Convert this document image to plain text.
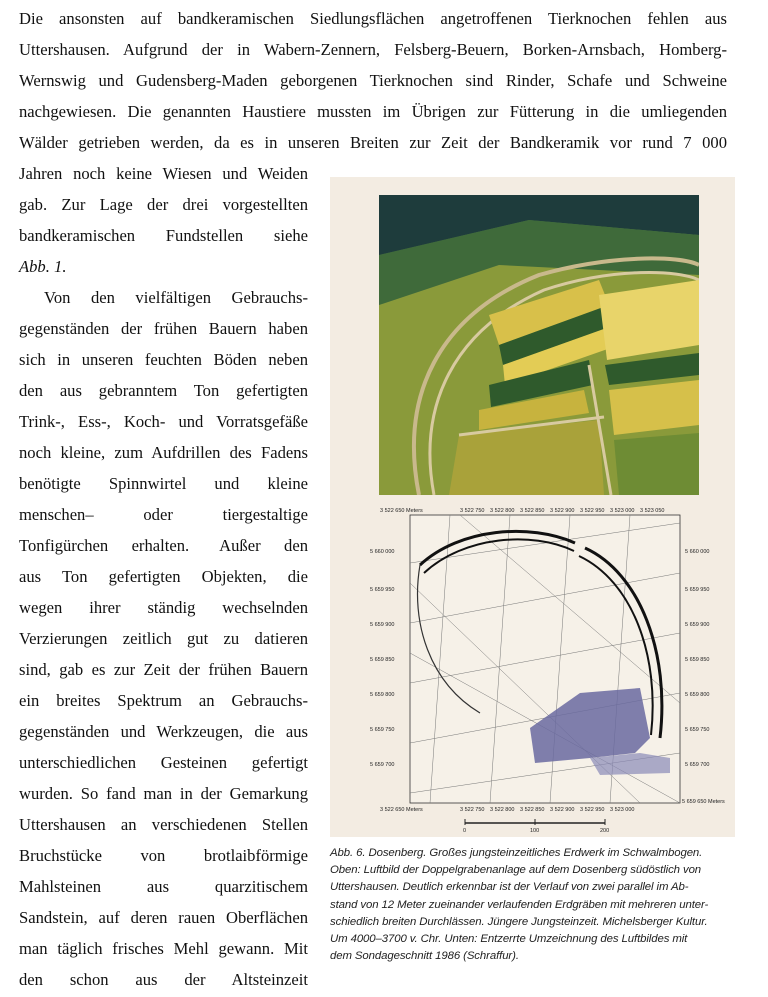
Die ansonsten auf bandkeramischen Siedlungsflächen angetroffenen Tierknochen fehlen aus
Uttershausen. Aufgrund der in Wabern-Zennern, Felsberg-Beuern, Borken-Arnsbach, Homberg-
Wernswig und Gudensberg-Maden geborgenen Tierknochen sind Rinder, Schafe und Schweine
nachgewiesen. Die genannten Haustiere mussten im Übrigen zur Fütterung in die umliegenden
Wälder getrieben werden, da es in unseren Breiten zur Zeit der Bandkeramik vor rund 7 000
Jahren noch keine Wiesen und Weiden
gab. Zur Lage der drei vorgestellten
bandkeramischen Fundstellen siehe
Abb. 1.
Von den vielfältigen Gebrauchs-
gegenständen der frühen Bauern haben
sich in unseren feuchten Böden neben
den aus gebranntem Ton gefertigten
Trink-, Ess-, Koch- und Vorratsgefäße
noch kleine, zum Aufdrillen des Fadens
benötigte Spinnwirtel und kleine
menschen– oder tiergestaltige
Tonfigürchen erhalten. Außer den
aus Ton gefertigten Objekten, die
wegen ihrer ständig wechselnden
Verzierungen zeitlich gut zu datieren
sind, gab es zur Zeit der frühen Bauern
ein breites Spektrum an Gebrauchs-
gegenständen und Werkzeugen, die aus
unterschiedlichen Gesteinen gefertigt
wurden. So fand man in der Gemarkung
Uttershausen an verschiedenen Stellen
Bruchstücke von brotlaibförmige
Mahlsteinen aus quarzitischem
Sandstein, auf deren rauen Oberflächen
man täglich frisches Mehl gewann. Mit
den schon aus der Altsteinzeit
3 522 650 Meters	3 522 750 3 522 800 3 522 850 3 522 900 3 522 950 3 523 000 3 523 050
3 522 650 Meters	3 522 750 3 522 800 3 522 850 3 522 900 3 522 950 3 523 000
5 659 650 Meters
5 660 000
5 659 950
5 659 900
5 659 850
5 659 800
5 659 750
5 659 700
5 660 000
5 659 950
5 659 900
5 659 850
5 659 800
5 659 750
5 659 700
0	100	200
Abb. 6. Dosenberg. Großes jungsteinzeitliches Erdwerk im Schwalmbogen.
Oben: Luftbild der Doppelgrabenanlage auf dem Dosenberg südöstlich von
Uttershausen. Deutlich erkennbar ist der Verlauf von zwei parallel im Ab-
stand von 12 Meter zueinander verlaufenden Erdgräben mit mehreren unter-
schiedlich breiten Durchlässen. Jüngere Jungsteinzeit. Michelsberger Kultur.
Um 4000–3700 v. Chr. Unten: Entzerrte Umzeichnung des Luftbildes mit
dem Sondageschnitt 1986 (Schraffur).
